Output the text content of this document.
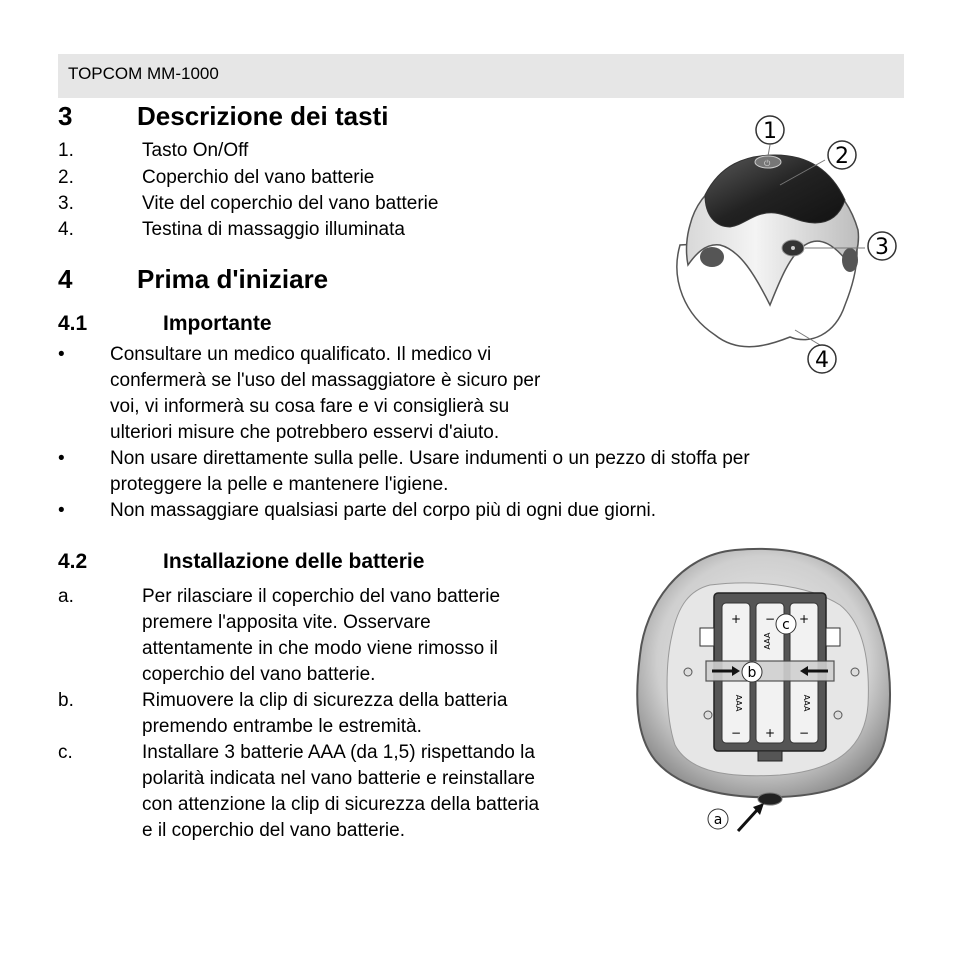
TOPCOM MM-1000
3 Descrizione dei tasti
1.	Tasto On/Off
2.	Coperchio del vano batterie
3.	Vite del coperchio del vano batterie
4.	Testina di massaggio illuminata
⏻
1
2
3
4
4 Prima d'iniziare
4.1	Importante
• Consultare un medico qualificato. Il medico vi
confermerà se l'uso del massaggiatore è sicuro per
voi, vi informerà su cosa fare e vi consiglierà su
ulteriori misure che potrebbero esservi d'aiuto.
• Non usare direttamente sulla pelle. Usare indumenti o un pezzo di stoffa per
proteggere la pelle e mantenere l'igiene.
• Non massaggiare qualsiasi parte del corpo più di ogni due giorni.
4.2	Installazione delle batterie
a.	Per rilasciare il coperchio del vano batterie
premere l'apposita vite. Osservare
attentamente in che modo viene rimosso il
coperchio del vano batterie.
b.	Rimuovere la clip di sicurezza della batteria
premendo entrambe le estremità.
c.	Installare 3 batterie AAA (da 1,5) rispettando la
polarità indicata nel vano batterie e reinstallare
con attenzione la clip di sicurezza della batteria
e il coperchio del vano batterie.
+ − +
− + −
AAA
AAA
AAA
a
b
c
